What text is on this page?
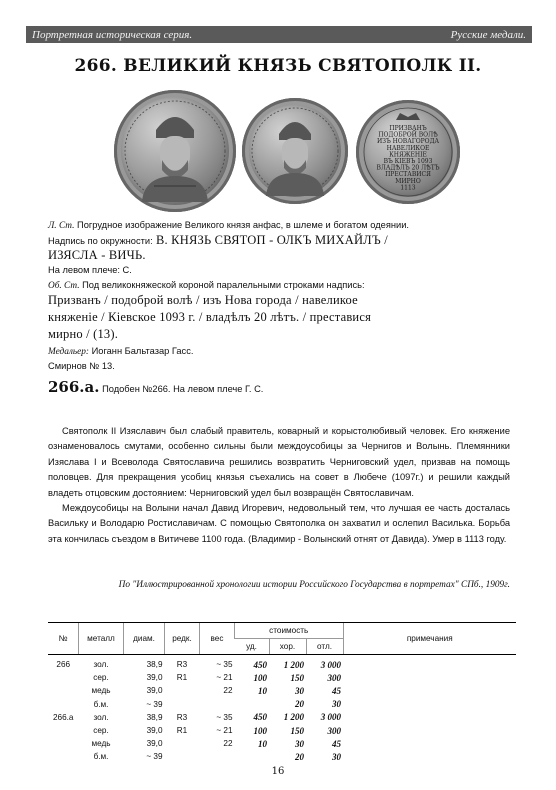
Портретная историческая серия.	Русские медали.
266. ВЕЛИКИЙ КНЯЗЬ СВЯТОПОЛК II.
ПРИЗВАНЪ
ПОДОБРОЙ ВОЛѢ
ИЗЪ НОВАГОРОДА
НАВЕЛИКОЕ
КНЯЖЕНIЕ
ВЪ КIЕВЪ 1093
ВЛАДѢЛЪ 20 ЛѢТЪ
ПРЕСТАВИСЯ
МИРНО
1113
Л. Ст. Погрудное изображение Великого князя анфас, в шлеме и богатом одеянии.
Надпись по окружности: В. КНЯЗЬ СВЯТОП - ОЛКЪ МИХАЙЛЪ /
ИЗЯСЛА - ВИЧЬ.
На левом плече: С.
Об. Ст. Под великокняжеской короной паралельными строками надпись:
Призванъ / подоброй волѣ / изъ Нова города / навеликое
княженiе / Кiевское 1093 г. / владѣлъ 20 лѣтъ. / преставися
мирно / (13).
Медальер: Иоганн Бальтазар Гасс.
Смирнов № 13.
266.а. Подобен №266. На левом плече Г. С.

Святополк II Изяславич был слабый правитель, коварный и корыстолюбивый человек. Его княжение ознаменовалось смутами, особенно сильны были междоусобицы за Чернигов и Волынь. Племянники Изяслава I и Всеволода Святославича решились возвратить Черниговский удел, призвав на помощь половцев. Для прекращения усобиц князья съехались на совет в Любече (1097г.) и решили каждый владеть отцовским достоянием: Черниговский удел был возвращён Святославичам.

Междоусобицы на Волыни начал Давид Игоревич, недовольный тем, что лучшая ее часть досталась Васильку и Володарю Ростиславичам. С помощью Святополка он захватил и ослепил Василька. Борьба эта кончилась съездом в Витичеве 1100 года. (Владимир - Волынский отнят от Давида). Умер в 1113 году.

По "Иллюстрированной хронологии истории Российского Государства в портретах" СПб., 1909г.
№	металл	диам.	редк.	вес	стоимость			примечания
					уд.	хор.	отл.	
266	зол.	38,9	R3	~ 35	450	1 200	3 000	
	сер.	39,0	R1	~ 21	100	150	300	
	медь	39,0		22	10	30	45	
	б.м.	~ 39				20	30	
266.а	зол.	38,9	R3	~ 35	450	1 200	3 000	
	сер.	39,0	R1	~ 21	100	150	300	
	медь	39,0		22	10	30	45	
	б.м.	~ 39				20	30	
16
